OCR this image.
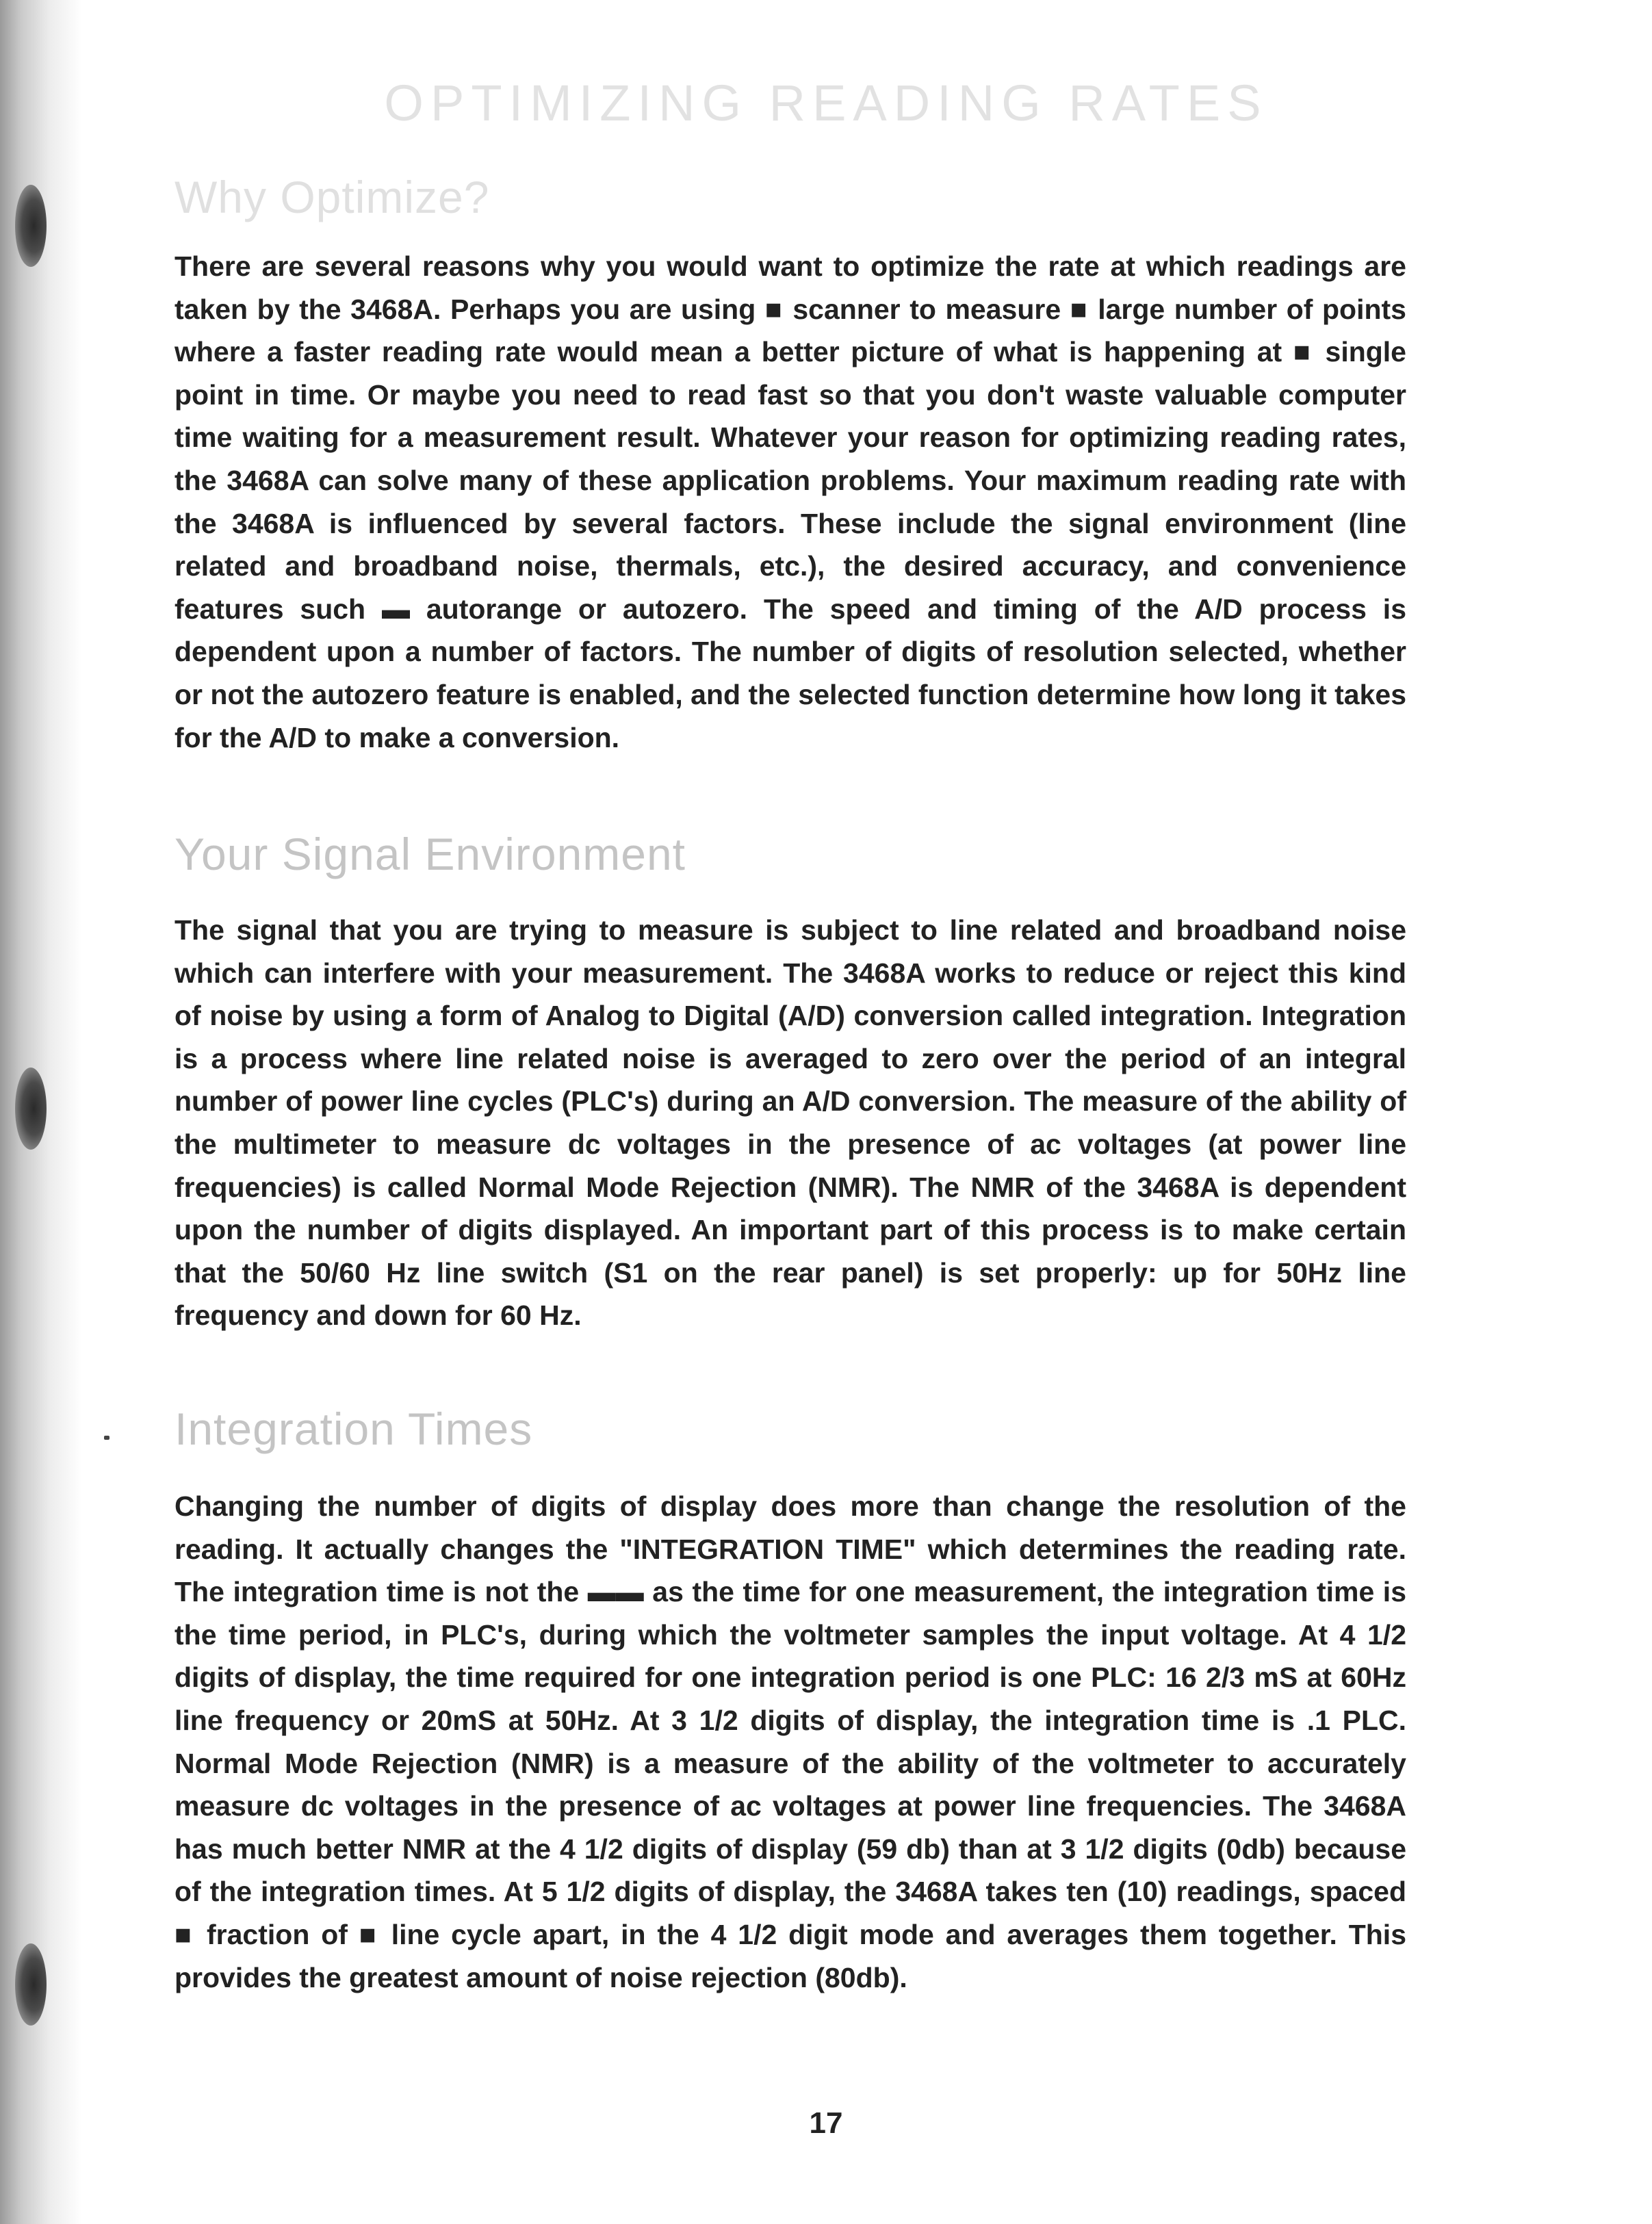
OPTIMIZING READING RATES
Why Optimize?

There are several reasons why you would want to optimize the rate at which readings are taken by the 3468A. Perhaps you are using ■ scanner to measure ■ large number of points where a faster reading rate would mean a better picture of what is happening at ■ single point in time. Or maybe you need to read fast so that you don't waste valuable computer time waiting for a measurement result. Whatever your reason for optimizing reading rates, the 3468A can solve many of these application problems. Your maximum reading rate with the 3468A is influenced by several factors. These include the signal environment (line related and broadband noise, thermals, etc.), the desired accuracy, and convenience features such ▬ autorange or autozero. The speed and timing of the A/D process is dependent upon a number of factors. The number of digits of resolution selected, whether or not the autozero feature is enabled, and the selected function determine how long it takes for the A/D to make a conversion.

Your Signal Environment

The signal that you are trying to measure is subject to line related and broadband noise which can interfere with your measurement. The 3468A works to reduce or reject this kind of noise by using a form of Analog to Digital (A/D) conversion called integration. Integration is a process where line related noise is averaged to zero over the period of an integral number of power line cycles (PLC's) during an A/D conversion. The measure of the ability of the multimeter to measure dc voltages in the presence of ac voltages (at power line frequencies) is called Normal Mode Rejection (NMR). The NMR of the 3468A is dependent upon the number of digits displayed. An important part of this process is to make certain that the 50/60 Hz line switch (S1 on the rear panel) is set properly: up for 50Hz line frequency and down for 60 Hz.

Integration Times

Changing the number of digits of display does more than change the resolution of the reading. It actually changes the "INTEGRATION TIME" which determines the reading rate. The integration time is not the ▬▬ as the time for one measurement, the integration time is the time period, in PLC's, during which the voltmeter samples the input voltage. At 4 1/2 digits of display, the time required for one integration period is one PLC: 16 2/3 mS at 60Hz line frequency or 20mS at 50Hz. At 3 1/2 digits of display, the integration time is .1 PLC. Normal Mode Rejection (NMR) is a measure of the ability of the voltmeter to accurately measure dc voltages in the presence of ac voltages at power line frequencies. The 3468A has much better NMR at the 4 1/2 digits of display (59 db) than at 3 1/2 digits (0db) because of the integration times. At 5 1/2 digits of display, the 3468A takes ten (10) readings, spaced ■ fraction of ■ line cycle apart, in the 4 1/2 digit mode and averages them together. This provides the greatest amount of noise rejection (80db).

17
